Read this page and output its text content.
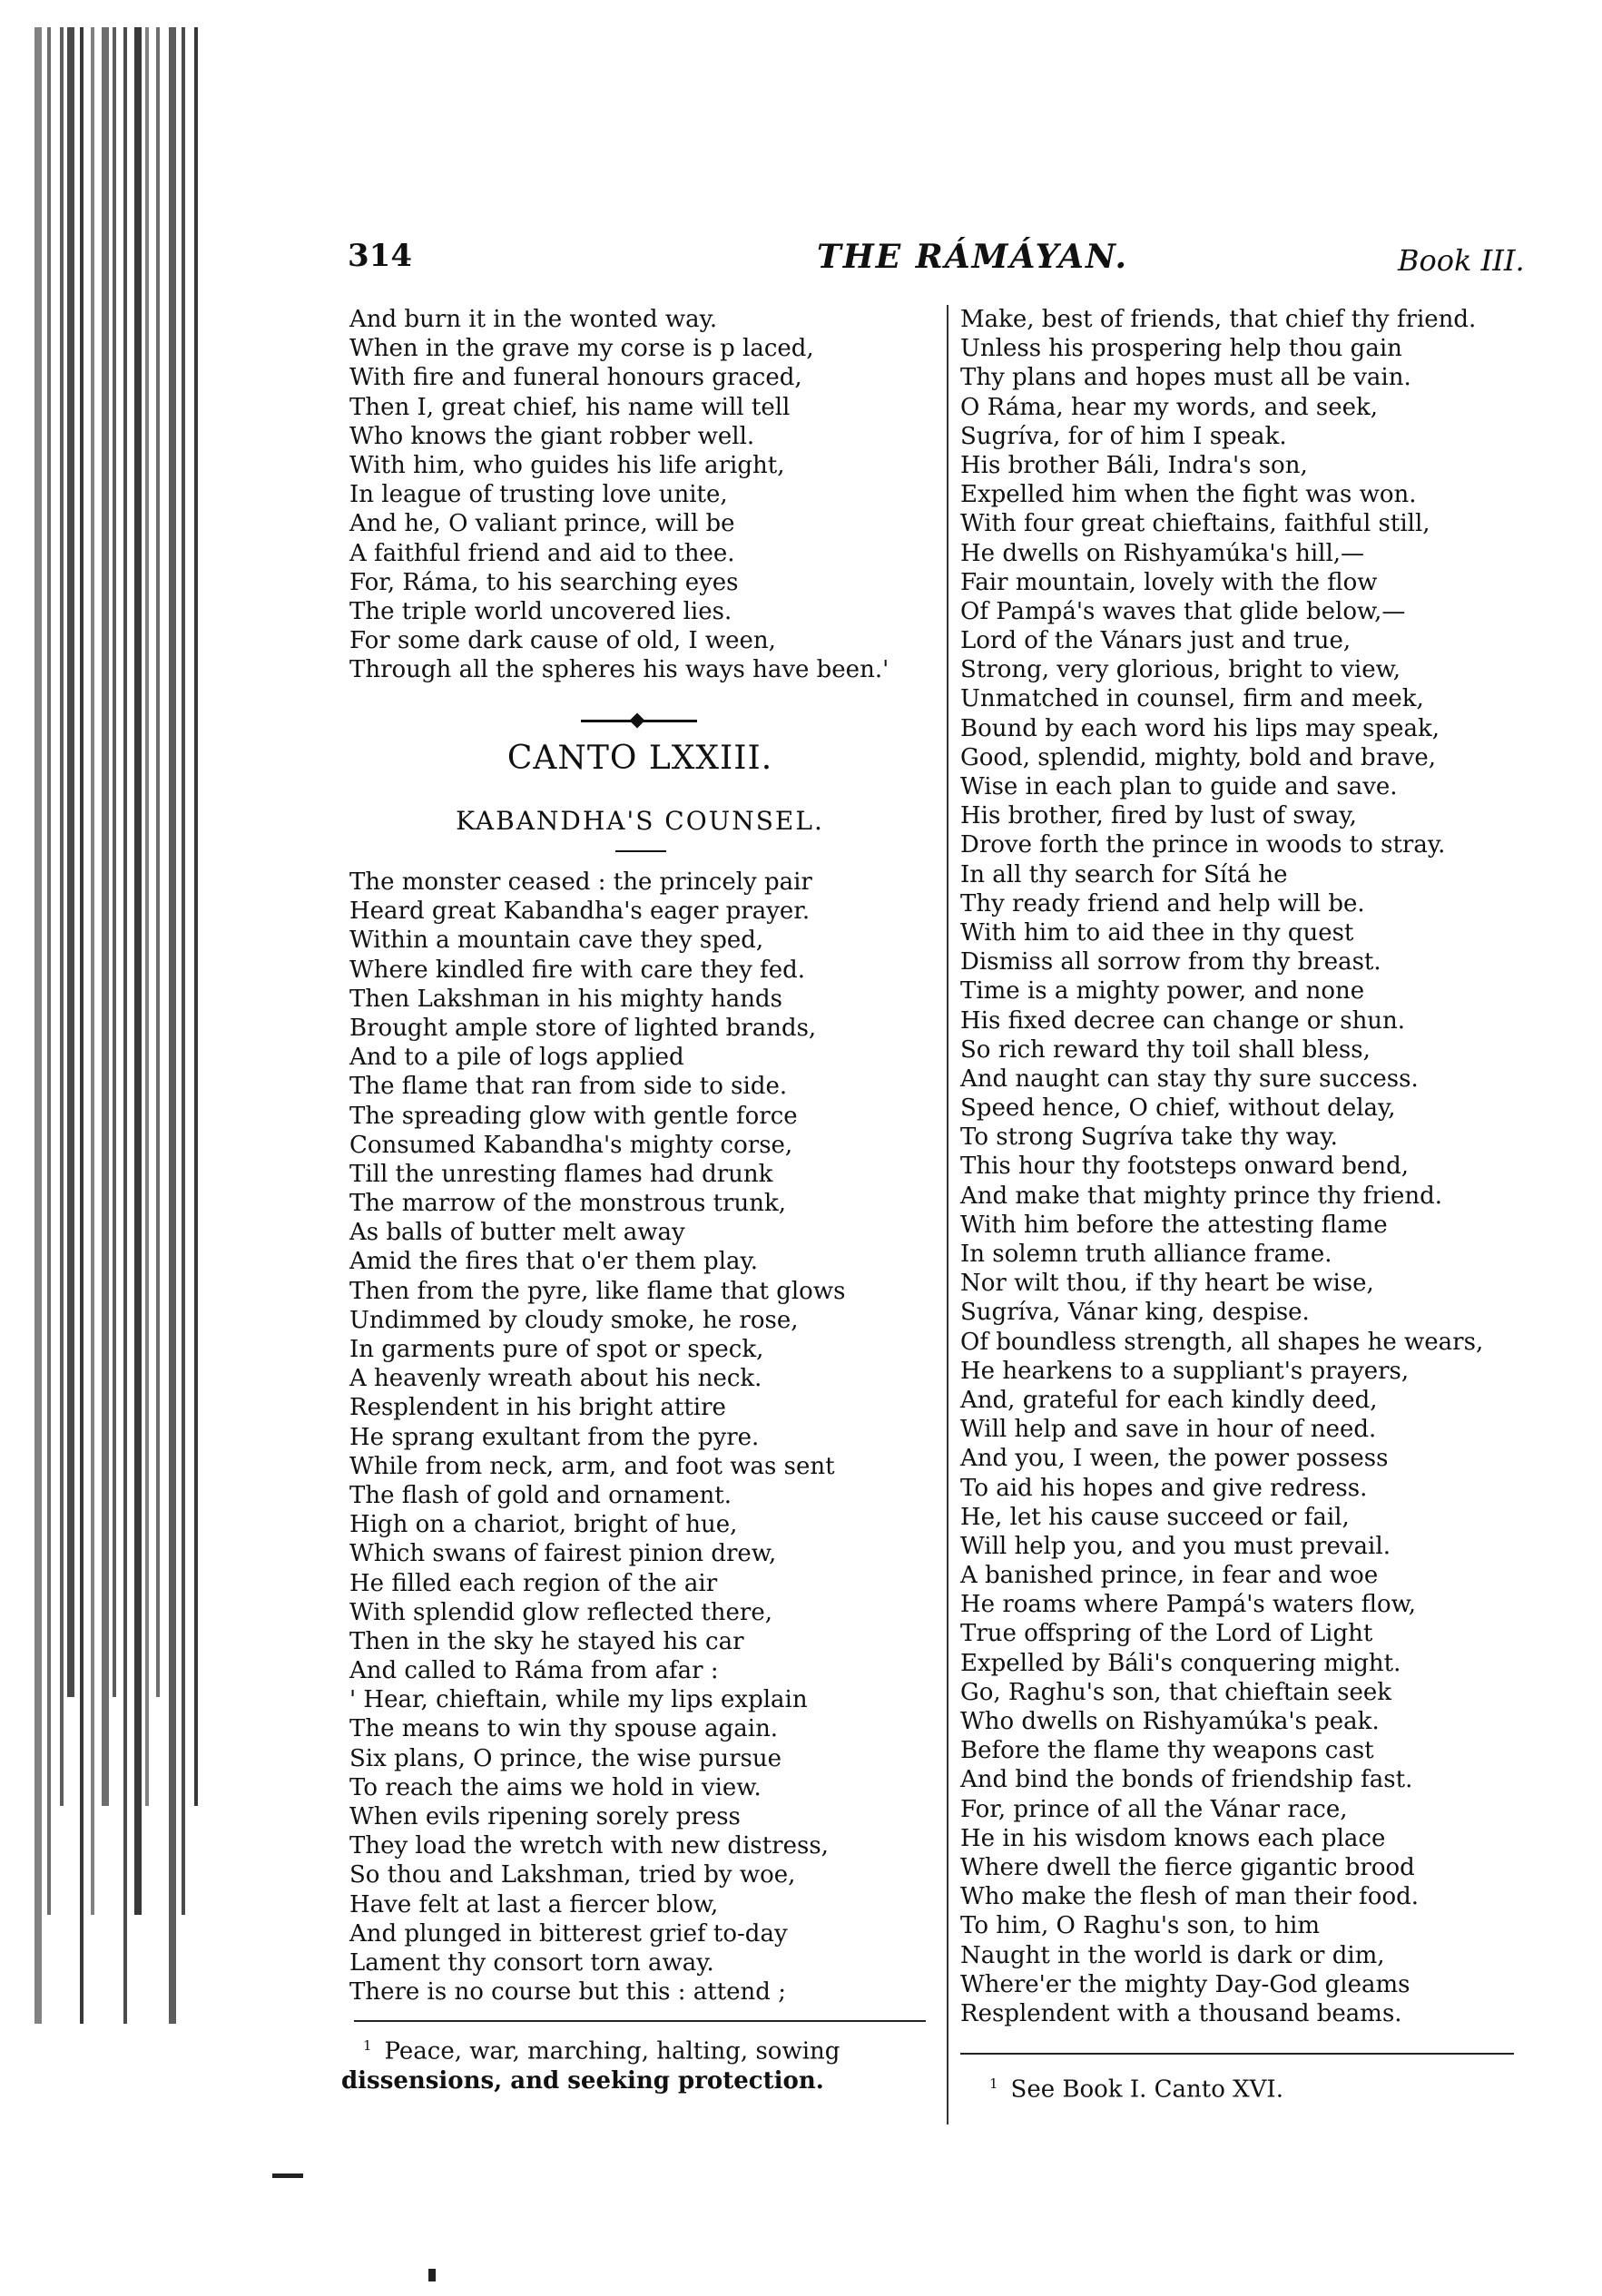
314	THE RÁMÁYAN.	Book III.
And burn it in the wonted way.
When in the grave my corse is p laced,
With fire and funeral honours graced,
Then I, great chief, his name will tell
Who knows the giant robber well.
With him, who guides his life aright,
In league of trusting love unite,
And he, O valiant prince, will be
A faithful friend and aid to thee.
For, Ráma, to his searching eyes
The triple world uncovered lies.
For some dark cause of old, I ween,
Through all the spheres his ways have been.'
CANTO LXXIII.
KABANDHA'S COUNSEL.
The monster ceased : the princely pair
Heard great Kabandha's eager prayer.
Within a mountain cave they sped,
Where kindled fire with care they fed.
Then Lakshman in his mighty hands
Brought ample store of lighted brands,
And to a pile of logs applied
The flame that ran from side to side.
The spreading glow with gentle force
Consumed Kabandha's mighty corse,
Till the unresting flames had drunk
The marrow of the monstrous trunk,
As balls of butter melt away
Amid the fires that o'er them play.
Then from the pyre, like flame that glows
Undimmed by cloudy smoke, he rose,
In garments pure of spot or speck,
A heavenly wreath about his neck.
Resplendent in his bright attire
He sprang exultant from the pyre.
While from neck, arm, and foot was sent
The flash of gold and ornament.
High on a chariot, bright of hue,
Which swans of fairest pinion drew,
He filled each region of the air
With splendid glow reflected there,
Then in the sky he stayed his car
And called to Ráma from afar :
' Hear, chieftain, while my lips explain
The means to win thy spouse again.
Six plans, O prince, the wise pursue
To reach the aims we hold in view.
When evils ripening sorely press
They load the wretch with new distress,
So thou and Lakshman, tried by woe,
Have felt at last a fiercer blow,
And plunged in bitterest grief to-day
Lament thy consort torn away.
There is no course but this : attend ;
Make, best of friends, that chief thy friend.
Unless his prospering help thou gain
Thy plans and hopes must all be vain.
O Ráma, hear my words, and seek,
Sugríva, for of him I speak.
His brother Báli, Indra's son,
Expelled him when the fight was won.
With four great chieftains, faithful still,
He dwells on Rishyamúka's hill,—
Fair mountain, lovely with the flow
Of Pampá's waves that glide below,—
Lord of the Vánars just and true,
Strong, very glorious, bright to view,
Unmatched in counsel, firm and meek,
Bound by each word his lips may speak,
Good, splendid, mighty, bold and brave,
Wise in each plan to guide and save.
His brother, fired by lust of sway,
Drove forth the prince in woods to stray.
In all thy search for Sítá he
Thy ready friend and help will be.
With him to aid thee in thy quest
Dismiss all sorrow from thy breast.
Time is a mighty power, and none
His fixed decree can change or shun.
So rich reward thy toil shall bless,
And naught can stay thy sure success.
Speed hence, O chief, without delay,
To strong Sugríva take thy way.
This hour thy footsteps onward bend,
And make that mighty prince thy friend.
With him before the attesting flame
In solemn truth alliance frame.
Nor wilt thou, if thy heart be wise,
Sugríva, Vánar king, despise.
Of boundless strength, all shapes he wears,
He hearkens to a suppliant's prayers,
And, grateful for each kindly deed,
Will help and save in hour of need.
And you, I ween, the power possess
To aid his hopes and give redress.
He, let his cause succeed or fail,
Will help you, and you must prevail.
A banished prince, in fear and woe
He roams where Pampá's waters flow,
True offspring of the Lord of Light
Expelled by Báli's conquering might.
Go, Raghu's son, that chieftain seek
Who dwells on Rishyamúka's peak.
Before the flame thy weapons cast
And bind the bonds of friendship fast.
For, prince of all the Vánar race,
He in his wisdom knows each place
Where dwell the fierce gigantic brood
Who make the flesh of man their food.
To him, O Raghu's son, to him
Naught in the world is dark or dim,
Where'er the mighty Day-God gleams
Resplendent with a thousand beams.
$^1$ Peace, war, marching, halting, sowing
dissensions, and seeking protection.	$^1$ See Book I. Canto XVI.
